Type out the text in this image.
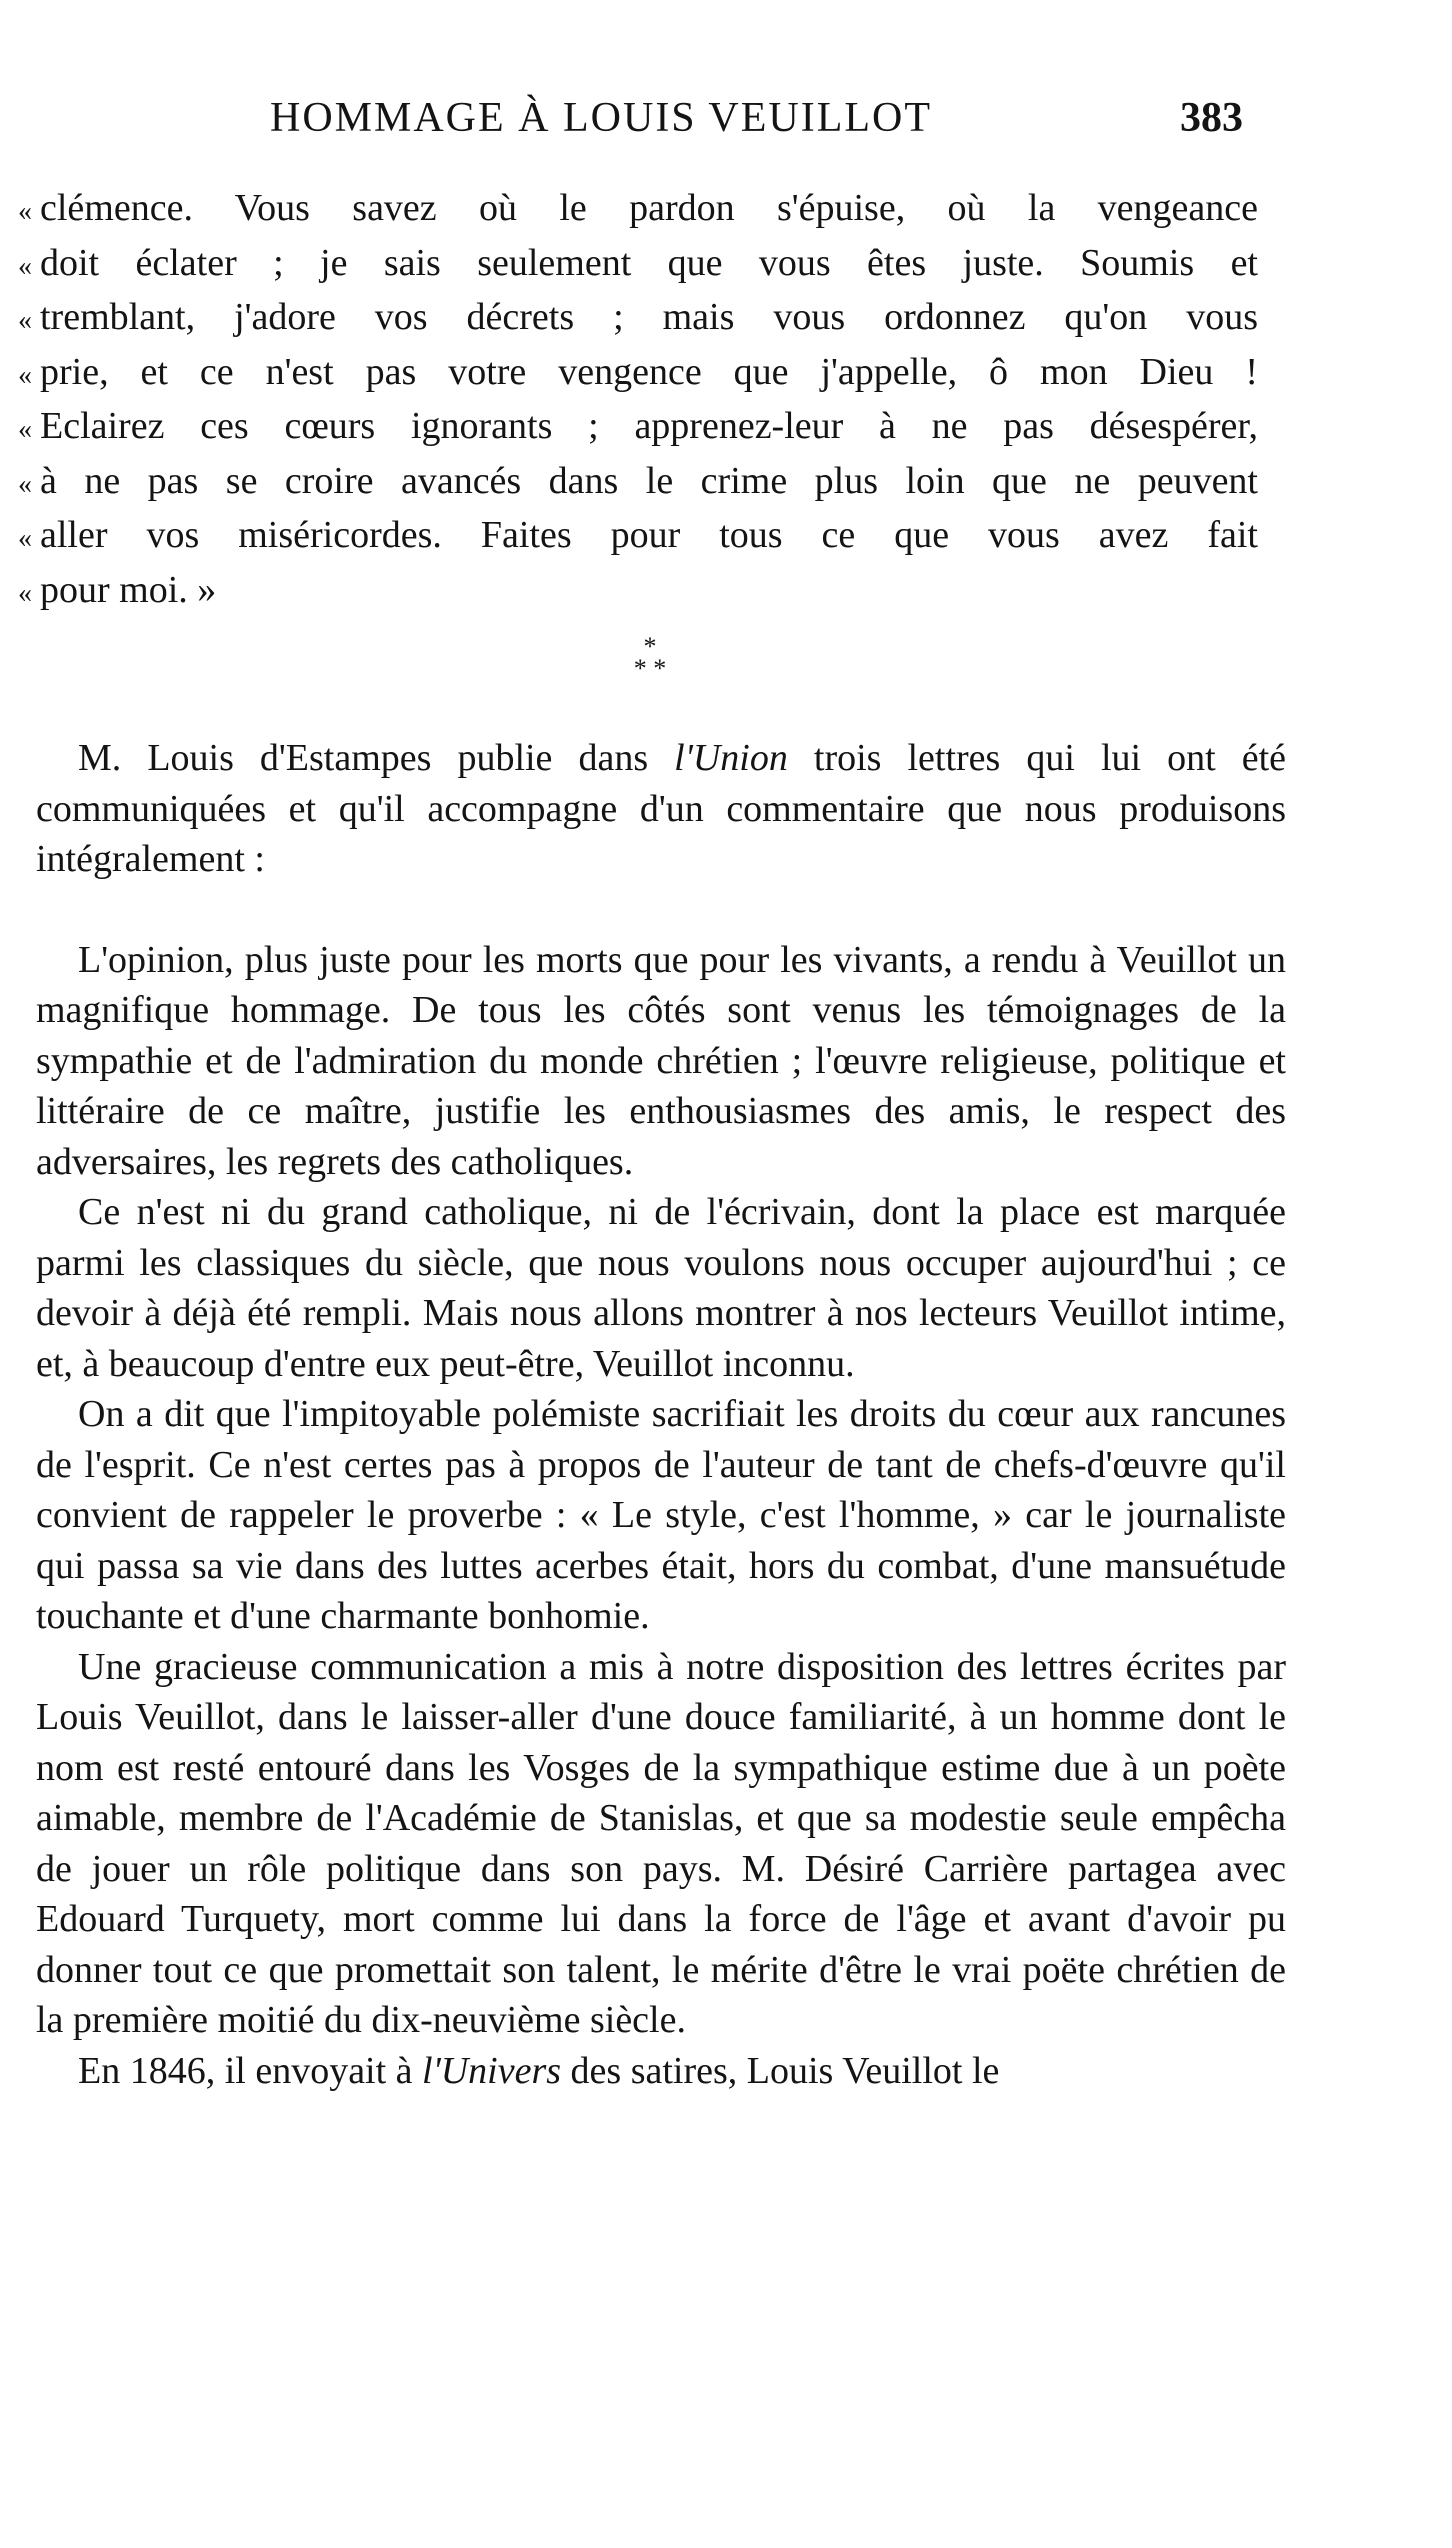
HOMMAGE À LOUIS VEUILLOT	383
« clémence. Vous savez où le pardon s'épuise, où la vengeance
« doit éclater ; je sais seulement que vous êtes juste. Soumis et
« tremblant, j'adore vos décrets ; mais vous ordonnez qu'on vous
« prie, et ce n'est pas votre vengence que j'appelle, ô mon Dieu !
« Eclairez ces cœurs ignorants ; apprenez-leur à ne pas désespérer,
« à ne pas se croire avancés dans le crime plus loin que ne peuvent
« aller vos miséricordes. Faites pour tous ce que vous avez fait
« pour moi. »
*
* *

M. Louis d'Estampes publie dans l'Union trois lettres qui lui ont été communiquées et qu'il accompagne d'un commentaire que nous produisons intégralement :

L'opinion, plus juste pour les morts que pour les vivants, a rendu à Veuillot un magnifique hommage. De tous les côtés sont venus les témoignages de la sympathie et de l'admiration du monde chrétien ; l'œuvre religieuse, politique et littéraire de ce maître, justifie les enthousiasmes des amis, le respect des adversaires, les regrets des catholiques.

Ce n'est ni du grand catholique, ni de l'écrivain, dont la place est marquée parmi les classiques du siècle, que nous voulons nous occuper aujourd'hui ; ce devoir à déjà été rempli. Mais nous allons montrer à nos lecteurs Veuillot intime, et, à beaucoup d'entre eux peut-être, Veuillot inconnu.

On a dit que l'impitoyable polémiste sacrifiait les droits du cœur aux rancunes de l'esprit. Ce n'est certes pas à propos de l'auteur de tant de chefs-d'œuvre qu'il convient de rappeler le proverbe : « Le style, c'est l'homme, » car le journaliste qui passa sa vie dans des luttes acerbes était, hors du combat, d'une mansuétude touchante et d'une charmante bonhomie.

Une gracieuse communication a mis à notre disposition des lettres écrites par Louis Veuillot, dans le laisser-aller d'une douce familiarité, à un homme dont le nom est resté entouré dans les Vosges de la sympathique estime due à un poète aimable, membre de l'Académie de Stanislas, et que sa modestie seule empêcha de jouer un rôle politique dans son pays. M. Désiré Carrière partagea avec Edouard Turquety, mort comme lui dans la force de l'âge et avant d'avoir pu donner tout ce que promettait son talent, le mérite d'être le vrai poëte chrétien de la première moitié du dix-neuvième siècle.

En 1846, il envoyait à l'Univers des satires, Louis Veuillot le
